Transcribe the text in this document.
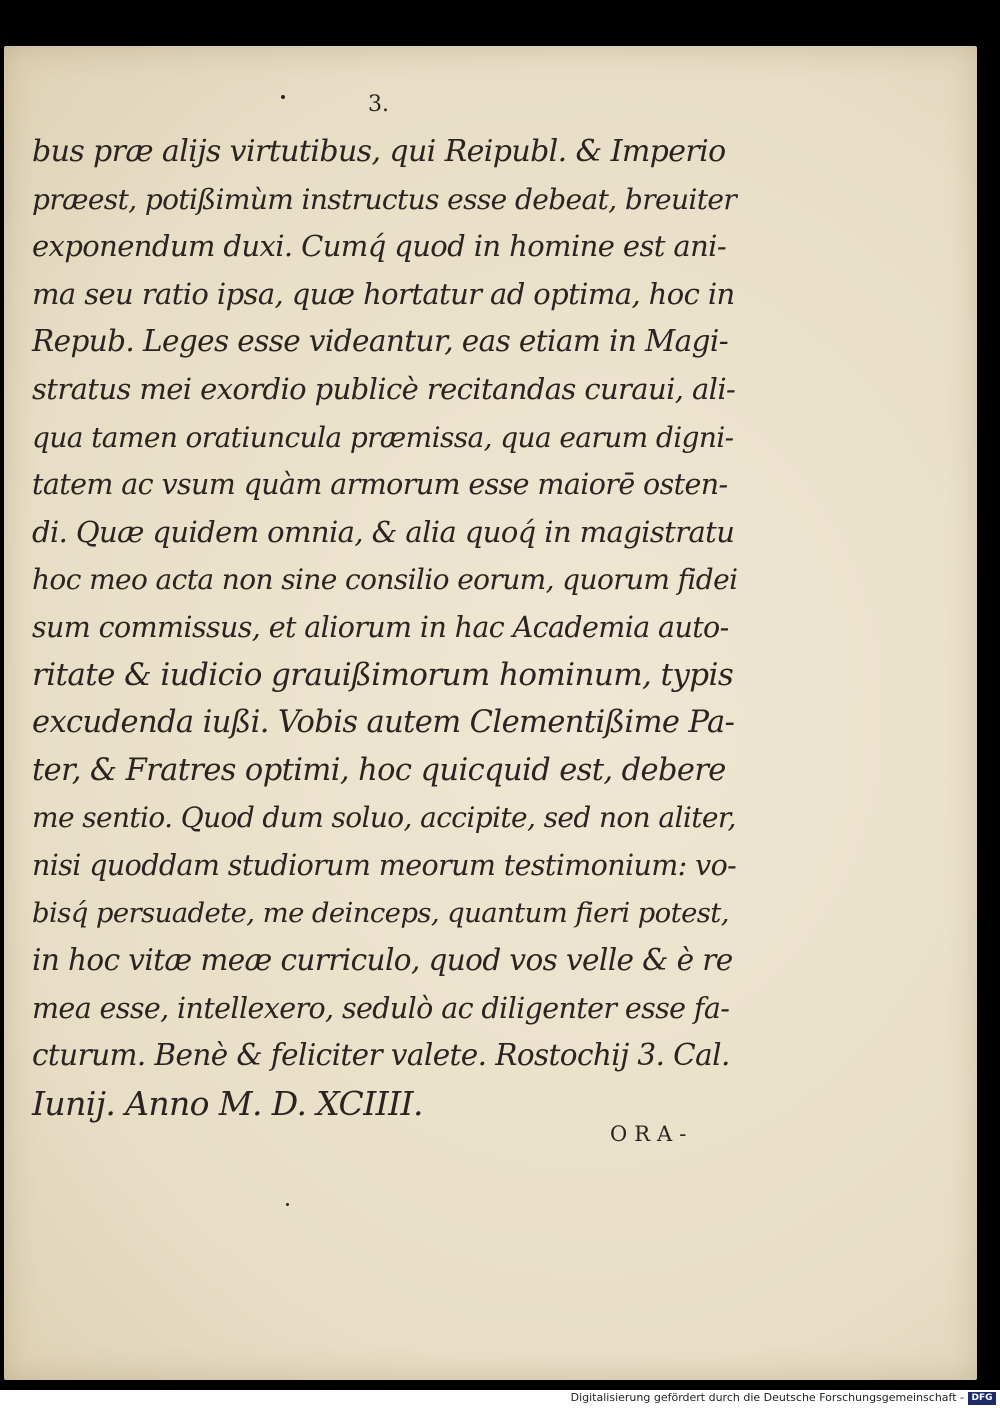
3.
bus præ alijs virtutibus, qui Reipubl. & Imperio
præest, potißimùm instructus esse debeat, breuiter
exponendum duxi. Cumq́ quod in homine est ani-
ma seu ratio ipsa, quæ hortatur ad optima, hoc in
Repub. Leges esse videantur, eas etiam in Magi-
stratus mei exordio publicè recitandas curaui, ali-
qua tamen oratiuncula præmissa, qua earum digni-
tatem ac vsum quàm armorum esse maiorē osten-
di. Quæ quidem omnia, & alia quoq́ in magistratu
hoc meo acta non sine consilio eorum, quorum fidei
sum commissus, et aliorum in hac Academia auto-
ritate & iudicio grauißimorum hominum, typis
excudenda iußi. Vobis autem Clementißime Pa-
ter, & Fratres optimi, hoc quicquid est, debere
me sentio. Quod dum soluo, accipite, sed non aliter,
nisi quoddam studiorum meorum testimonium: vo-
bisq́ persuadete, me deinceps, quantum fieri potest,
in hoc vitæ meæ curriculo, quod vos velle & è re
mea esse, intellexero, sedulò ac diligenter esse fa-
cturum. Benè & feliciter valete. Rostochij 3. Cal.
Iunij. Anno M. D. XCIIII.
ORA-
Digitalisierung gefördert durch die Deutsche Forschungsgemeinschaft - DFG
